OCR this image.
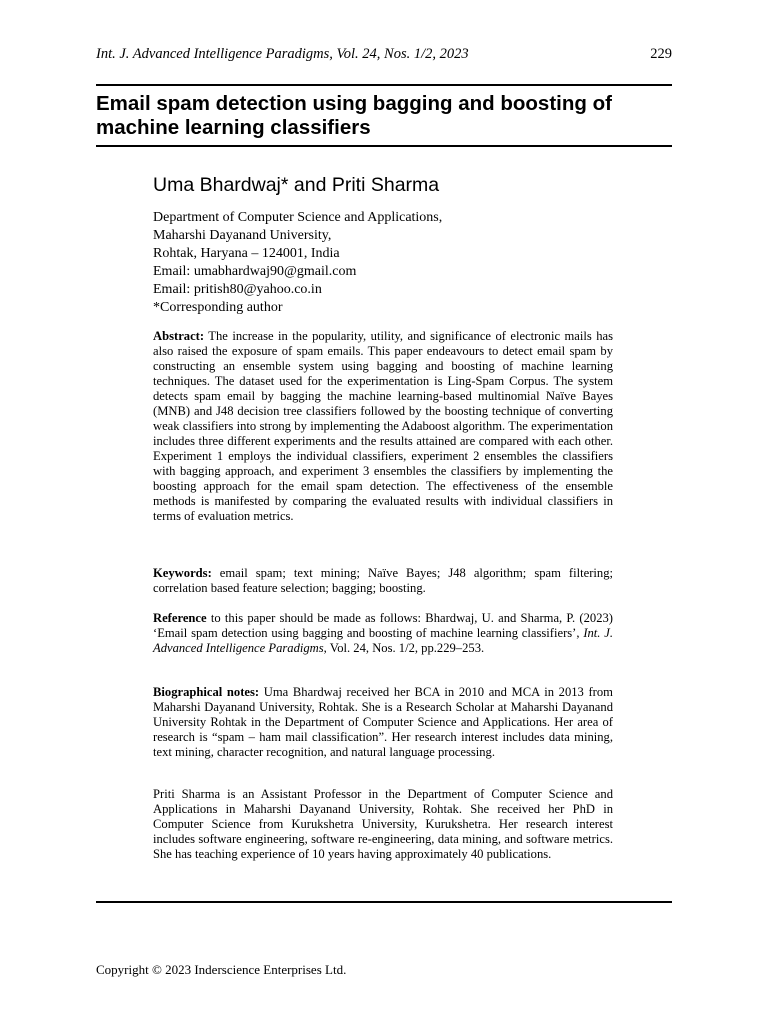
Int. J. Advanced Intelligence Paradigms, Vol. 24, Nos. 1/2, 2023	229
Email spam detection using bagging and boosting of machine learning classifiers
Uma Bhardwaj* and Priti Sharma
Department of Computer Science and Applications,
Maharshi Dayanand University,
Rohtak, Haryana – 124001, India
Email: umabhardwaj90@gmail.com
Email: pritish80@yahoo.co.in
*Corresponding author

Abstract: The increase in the popularity, utility, and significance of electronic mails has also raised the exposure of spam emails. This paper endeavours to detect email spam by constructing an ensemble system using bagging and boosting of machine learning techniques. The dataset used for the experimentation is Ling-Spam Corpus. The system detects spam email by bagging the machine learning-based multinomial Naïve Bayes (MNB) and J48 decision tree classifiers followed by the boosting technique of converting weak classifiers into strong by implementing the Adaboost algorithm. The experimentation includes three different experiments and the results attained are compared with each other. Experiment 1 employs the individual classifiers, experiment 2 ensembles the classifiers with bagging approach, and experiment 3 ensembles the classifiers by implementing the boosting approach for the email spam detection. The effectiveness of the ensemble methods is manifested by comparing the evaluated results with individual classifiers in terms of evaluation metrics.

Keywords: email spam; text mining; Naïve Bayes; J48 algorithm; spam filtering; correlation based feature selection; bagging; boosting.

Reference to this paper should be made as follows: Bhardwaj, U. and Sharma, P. (2023) ‘Email spam detection using bagging and boosting of machine learning classifiers’, Int. J. Advanced Intelligence Paradigms, Vol. 24, Nos. 1/2, pp.229–253.

Biographical notes: Uma Bhardwaj received her BCA in 2010 and MCA in 2013 from Maharshi Dayanand University, Rohtak. She is a Research Scholar at Maharshi Dayanand University Rohtak in the Department of Computer Science and Applications. Her area of research is “spam – ham mail classification”. Her research interest includes data mining, text mining, character recognition, and natural language processing.

Priti Sharma is an Assistant Professor in the Department of Computer Science and Applications in Maharshi Dayanand University, Rohtak. She received her PhD in Computer Science from Kurukshetra University, Kurukshetra. Her research interest includes software engineering, software re-engineering, data mining, and software metrics. She has teaching experience of 10 years having approximately 40 publications.

Copyright © 2023 Inderscience Enterprises Ltd.
